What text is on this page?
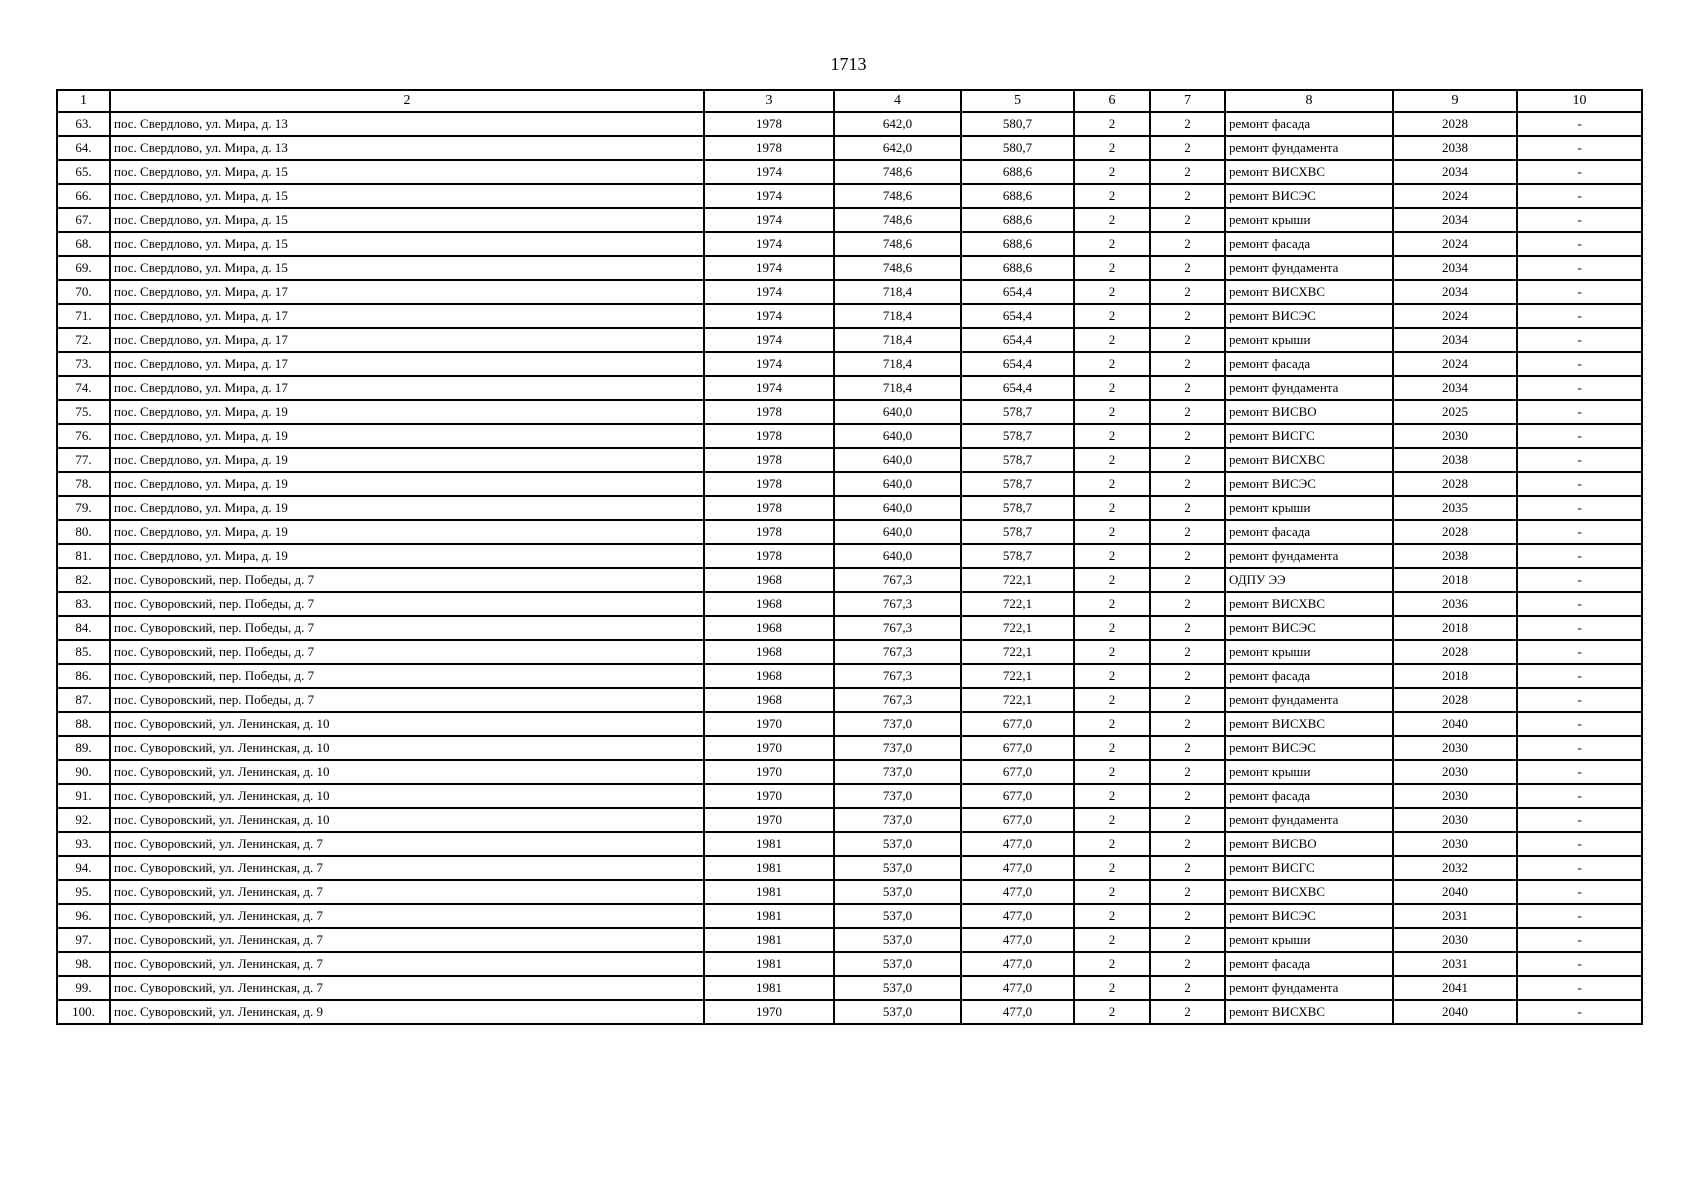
1713
1	2	3	4	5	6	7	8	9	10
63.	пос. Свердлово, ул. Мира, д. 13	1978	642,0	580,7	2	2	ремонт фасада	2028	-
64.	пос. Свердлово, ул. Мира, д. 13	1978	642,0	580,7	2	2	ремонт фундамента	2038	-
65.	пос. Свердлово, ул. Мира, д. 15	1974	748,6	688,6	2	2	ремонт ВИСХВС	2034	-
66.	пос. Свердлово, ул. Мира, д. 15	1974	748,6	688,6	2	2	ремонт ВИСЭС	2024	-
67.	пос. Свердлово, ул. Мира, д. 15	1974	748,6	688,6	2	2	ремонт крыши	2034	-
68.	пос. Свердлово, ул. Мира, д. 15	1974	748,6	688,6	2	2	ремонт фасада	2024	-
69.	пос. Свердлово, ул. Мира, д. 15	1974	748,6	688,6	2	2	ремонт фундамента	2034	-
70.	пос. Свердлово, ул. Мира, д. 17	1974	718,4	654,4	2	2	ремонт ВИСХВС	2034	-
71.	пос. Свердлово, ул. Мира, д. 17	1974	718,4	654,4	2	2	ремонт ВИСЭС	2024	-
72.	пос. Свердлово, ул. Мира, д. 17	1974	718,4	654,4	2	2	ремонт крыши	2034	-
73.	пос. Свердлово, ул. Мира, д. 17	1974	718,4	654,4	2	2	ремонт фасада	2024	-
74.	пос. Свердлово, ул. Мира, д. 17	1974	718,4	654,4	2	2	ремонт фундамента	2034	-
75.	пос. Свердлово, ул. Мира, д. 19	1978	640,0	578,7	2	2	ремонт ВИСВО	2025	-
76.	пос. Свердлово, ул. Мира, д. 19	1978	640,0	578,7	2	2	ремонт ВИСГС	2030	-
77.	пос. Свердлово, ул. Мира, д. 19	1978	640,0	578,7	2	2	ремонт ВИСХВС	2038	-
78.	пос. Свердлово, ул. Мира, д. 19	1978	640,0	578,7	2	2	ремонт ВИСЭС	2028	-
79.	пос. Свердлово, ул. Мира, д. 19	1978	640,0	578,7	2	2	ремонт крыши	2035	-
80.	пос. Свердлово, ул. Мира, д. 19	1978	640,0	578,7	2	2	ремонт фасада	2028	-
81.	пос. Свердлово, ул. Мира, д. 19	1978	640,0	578,7	2	2	ремонт фундамента	2038	-
82.	пос. Суворовский, пер. Победы, д. 7	1968	767,3	722,1	2	2	ОДПУ ЭЭ	2018	-
83.	пос. Суворовский, пер. Победы, д. 7	1968	767,3	722,1	2	2	ремонт ВИСХВС	2036	-
84.	пос. Суворовский, пер. Победы, д. 7	1968	767,3	722,1	2	2	ремонт ВИСЭС	2018	-
85.	пос. Суворовский, пер. Победы, д. 7	1968	767,3	722,1	2	2	ремонт крыши	2028	-
86.	пос. Суворовский, пер. Победы, д. 7	1968	767,3	722,1	2	2	ремонт фасада	2018	-
87.	пос. Суворовский, пер. Победы, д. 7	1968	767,3	722,1	2	2	ремонт фундамента	2028	-
88.	пос. Суворовский, ул. Ленинская, д. 10	1970	737,0	677,0	2	2	ремонт ВИСХВС	2040	-
89.	пос. Суворовский, ул. Ленинская, д. 10	1970	737,0	677,0	2	2	ремонт ВИСЭС	2030	-
90.	пос. Суворовский, ул. Ленинская, д. 10	1970	737,0	677,0	2	2	ремонт крыши	2030	-
91.	пос. Суворовский, ул. Ленинская, д. 10	1970	737,0	677,0	2	2	ремонт фасада	2030	-
92.	пос. Суворовский, ул. Ленинская, д. 10	1970	737,0	677,0	2	2	ремонт фундамента	2030	-
93.	пос. Суворовский, ул. Ленинская, д. 7	1981	537,0	477,0	2	2	ремонт ВИСВО	2030	-
94.	пос. Суворовский, ул. Ленинская, д. 7	1981	537,0	477,0	2	2	ремонт ВИСГС	2032	-
95.	пос. Суворовский, ул. Ленинская, д. 7	1981	537,0	477,0	2	2	ремонт ВИСХВС	2040	-
96.	пос. Суворовский, ул. Ленинская, д. 7	1981	537,0	477,0	2	2	ремонт ВИСЭС	2031	-
97.	пос. Суворовский, ул. Ленинская, д. 7	1981	537,0	477,0	2	2	ремонт крыши	2030	-
98.	пос. Суворовский, ул. Ленинская, д. 7	1981	537,0	477,0	2	2	ремонт фасада	2031	-
99.	пос. Суворовский, ул. Ленинская, д. 7	1981	537,0	477,0	2	2	ремонт фундамента	2041	-
100.	пос. Суворовский, ул. Ленинская, д. 9	1970	537,0	477,0	2	2	ремонт ВИСХВС	2040	-
